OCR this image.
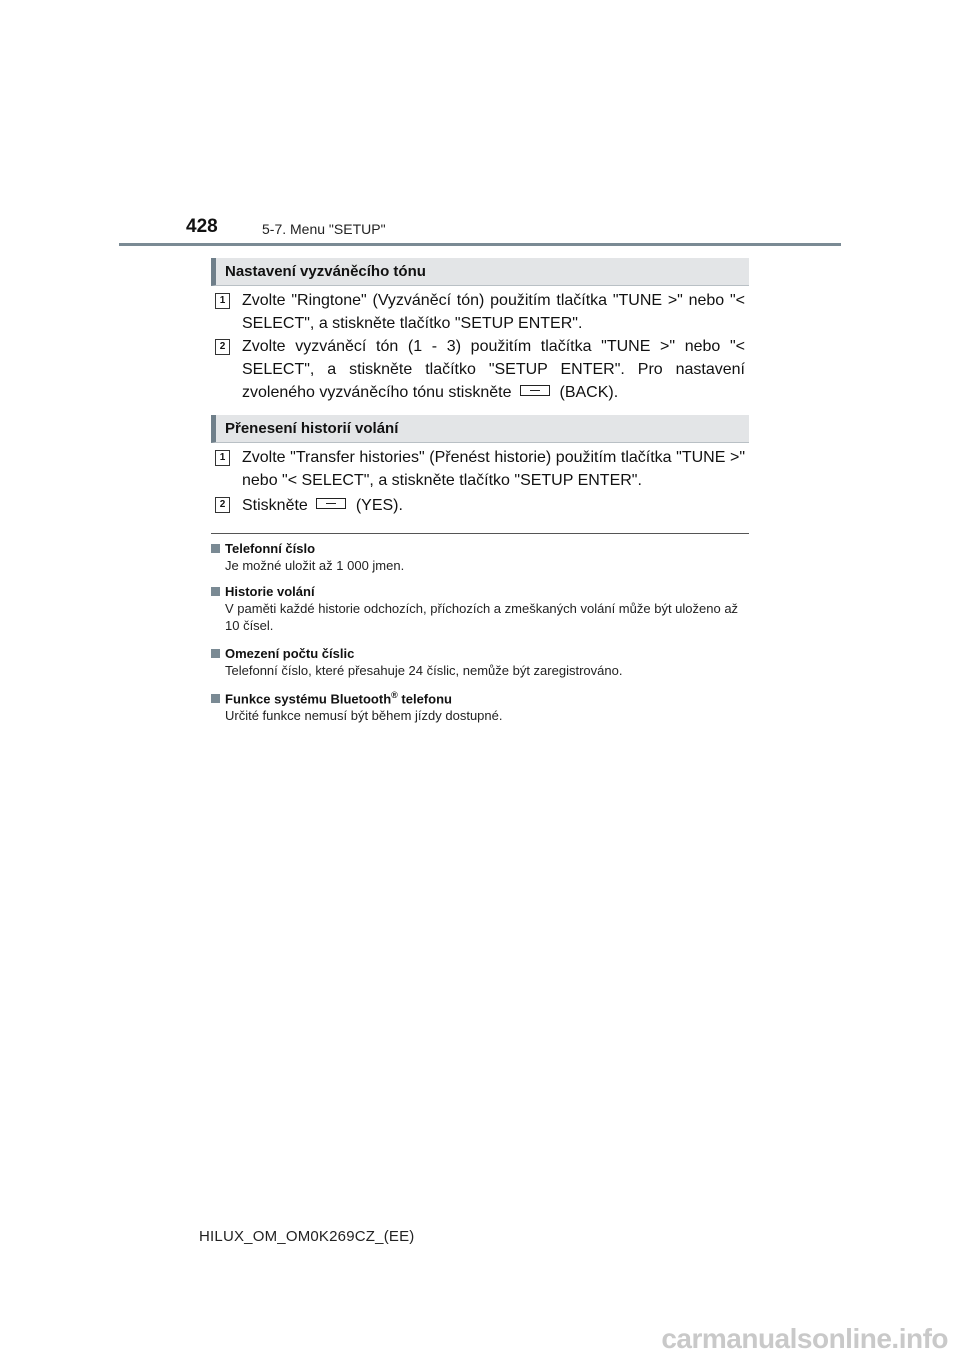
428	5-7. Menu "SETUP"
Nastavení vyzváněcího tónu
1 Zvolte "Ringtone" (Vyzváněcí tón) použitím tlačítka "TUNE >" nebo "< SELECT", a stiskněte tlačítko "SETUP ENTER".
2 Zvolte vyzváněcí tón (1 - 3) použitím tlačítka "TUNE >" nebo "< SELECT", a stiskněte tlačítko "SETUP ENTER". Pro nastavení zvoleného vyzváněcího tónu stiskněte	(BACK).
Přenesení historií volání
1 Zvolte "Transfer histories" (Přenést historie) použitím tlačítka "TUNE >" nebo "< SELECT", a stiskněte tlačítko "SETUP ENTER".
2 Stiskněte	(YES).
Telefonní číslo
Je možné uložit až 1 000 jmen.
Historie volání
V paměti každé historie odchozích, příchozích a zmeškaných volání může být uloženo až 10 čísel.
Omezení počtu číslic
Telefonní číslo, které přesahuje 24 číslic, nemůže být zaregistrováno.
Funkce systému Bluetooth® telefonu
Určité funkce nemusí být během jízdy dostupné.
HILUX_OM_OM0K269CZ_(EE)
carmanualsonline.info
